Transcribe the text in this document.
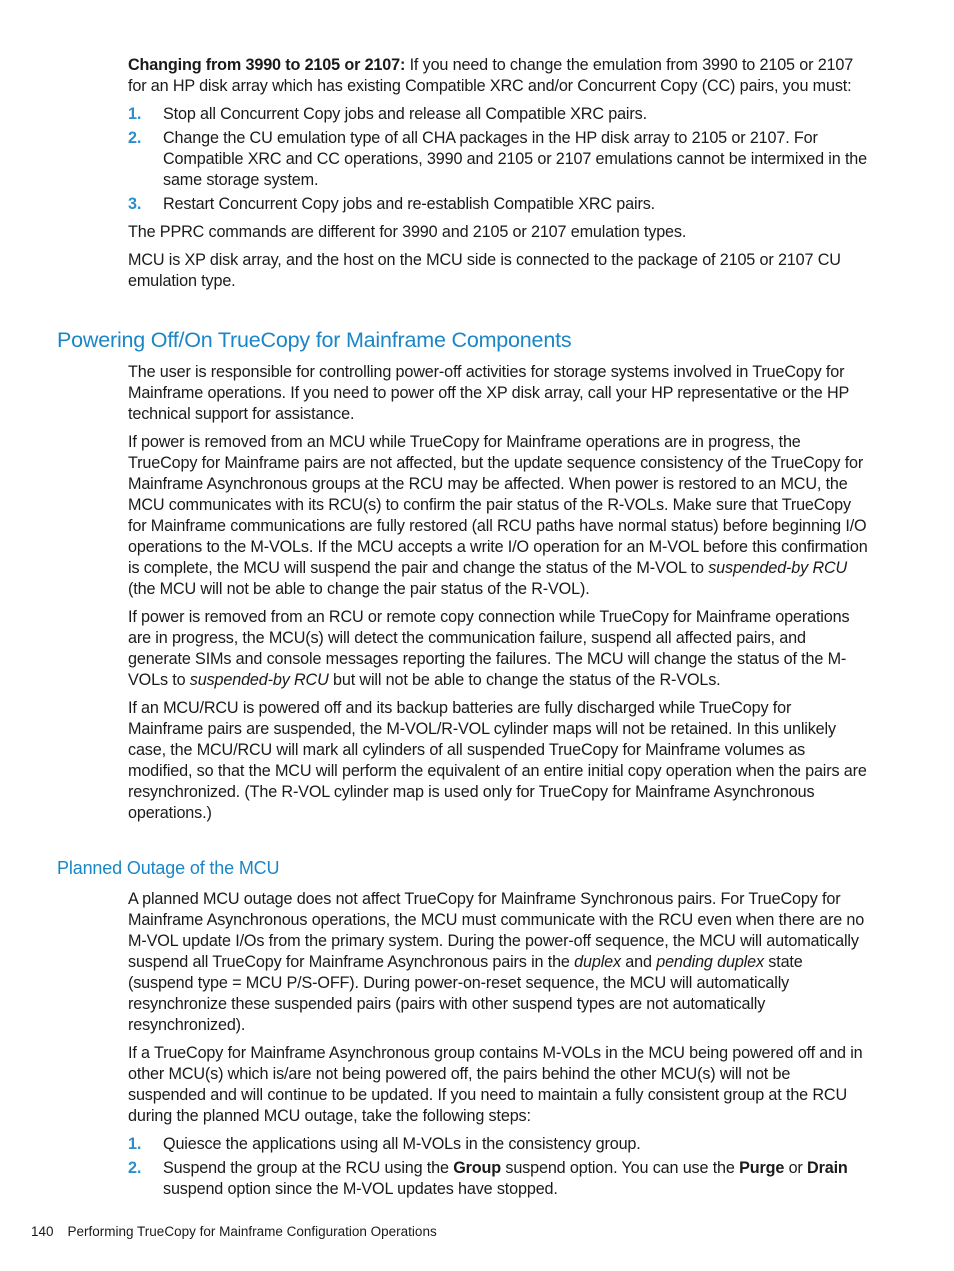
Changing from 3990 to 2105 or 2107: If you need to change the emulation from 3990 to 2105 or 2107 for an HP disk array which has existing Compatible XRC and/or Concurrent Copy (CC) pairs, you must:

1. Stop all Concurrent Copy jobs and release all Compatible XRC pairs.
2. Change the CU emulation type of all CHA packages in the HP disk array to 2105 or 2107. For Compatible XRC and CC operations, 3990 and 2105 or 2107 emulations cannot be intermixed in the same storage system.
3. Restart Concurrent Copy jobs and re-establish Compatible XRC pairs.

The PPRC commands are different for 3990 and 2105 or 2107 emulation types.

MCU is XP disk array, and the host on the MCU side is connected to the package of 2105 or 2107 CU emulation type.

Powering Off/On TrueCopy for Mainframe Components

The user is responsible for controlling power-off activities for storage systems involved in TrueCopy for Mainframe operations. If you need to power off the XP disk array, call your HP representative or the HP technical support for assistance.

If power is removed from an MCU while TrueCopy for Mainframe operations are in progress, the TrueCopy for Mainframe pairs are not affected, but the update sequence consistency of the TrueCopy for Mainframe Asynchronous groups at the RCU may be affected. When power is restored to an MCU, the MCU communicates with its RCU(s) to confirm the pair status of the R-VOLs. Make sure that TrueCopy for Mainframe communications are fully restored (all RCU paths have normal status) before beginning I/O operations to the M-VOLs. If the MCU accepts a write I/O operation for an M-VOL before this confirmation is complete, the MCU will suspend the pair and change the status of the M-VOL to suspended-by RCU (the MCU will not be able to change the pair status of the R-VOL).

If power is removed from an RCU or remote copy connection while TrueCopy for Mainframe operations are in progress, the MCU(s) will detect the communication failure, suspend all affected pairs, and generate SIMs and console messages reporting the failures. The MCU will change the status of the M-VOLs to suspended-by RCU but will not be able to change the status of the R-VOLs.

If an MCU/RCU is powered off and its backup batteries are fully discharged while TrueCopy for Mainframe pairs are suspended, the M-VOL/R-VOL cylinder maps will not be retained. In this unlikely case, the MCU/RCU will mark all cylinders of all suspended TrueCopy for Mainframe volumes as modified, so that the MCU will perform the equivalent of an entire initial copy operation when the pairs are resynchronized. (The R-VOL cylinder map is used only for TrueCopy for Mainframe Asynchronous operations.)

Planned Outage of the MCU

A planned MCU outage does not affect TrueCopy for Mainframe Synchronous pairs. For TrueCopy for Mainframe Asynchronous operations, the MCU must communicate with the RCU even when there are no M-VOL update I/Os from the primary system. During the power-off sequence, the MCU will automatically suspend all TrueCopy for Mainframe Asynchronous pairs in the duplex and pending duplex state (suspend type = MCU P/S-OFF). During power-on-reset sequence, the MCU will automatically resynchronize these suspended pairs (pairs with other suspend types are not automatically resynchronized).

If a TrueCopy for Mainframe Asynchronous group contains M-VOLs in the MCU being powered off and in other MCU(s) which is/are not being powered off, the pairs behind the other MCU(s) will not be suspended and will continue to be updated. If you need to maintain a fully consistent group at the RCU during the planned MCU outage, take the following steps:

1. Quiesce the applications using all M-VOLs in the consistency group.
2. Suspend the group at the RCU using the Group suspend option. You can use the Purge or Drain suspend option since the M-VOL updates have stopped.
140 Performing TrueCopy for Mainframe Configuration Operations
